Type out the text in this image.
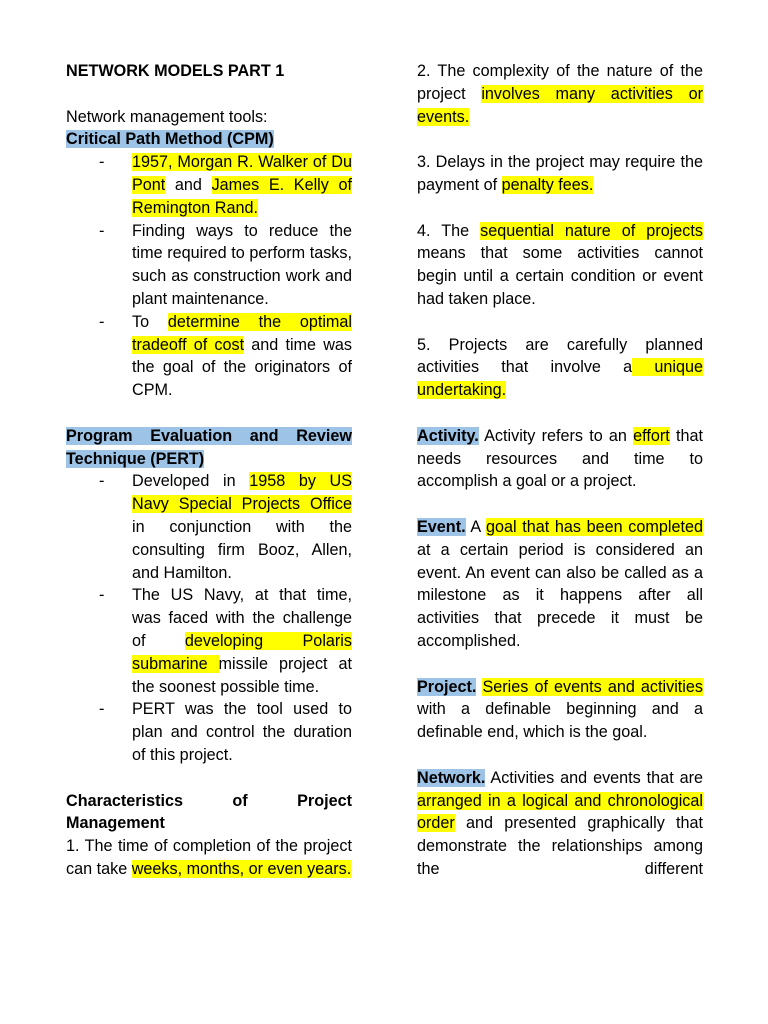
NETWORK MODELS PART 1

Network management tools:

Critical Path Method (CPM)

- 1957, Morgan R. Walker of Du Pont and James E. Kelly of Remington Rand.
- Finding ways to reduce the time required to perform tasks, such as construction work and plant maintenance.
- To determine the optimal tradeoff of cost and time was the goal of the originators of CPM.

Program Evaluation and Review Technique (PERT)

- Developed in 1958 by US Navy Special Projects Office in conjunction with the consulting firm Booz, Allen, and Hamilton.
- The US Navy, at that time, was faced with the challenge of developing Polaris submarine missile project at the soonest possible time.
- PERT was the tool used to plan and control the duration of this project.

Characteristics of Project Management

1. The time of completion of the project can take weeks, months, or even years.

2. The complexity of the nature of the project involves many activities or events.

3. Delays in the project may require the payment of penalty fees.

4. The sequential nature of projects means that some activities cannot begin until a certain condition or event had taken place.

5. Projects are carefully planned activities that involve a unique undertaking.

Activity. Activity refers to an effort that needs resources and time to accomplish a goal or a project.

Event. A goal that has been completed at a certain period is considered an event. An event can also be called as a milestone as it happens after all activities that precede it must be accomplished.

Project. Series of events and activities with a definable beginning and a definable end, which is the goal.

Network. Activities and events that are arranged in a logical and chronological order and presented graphically that demonstrate the relationships among the different
